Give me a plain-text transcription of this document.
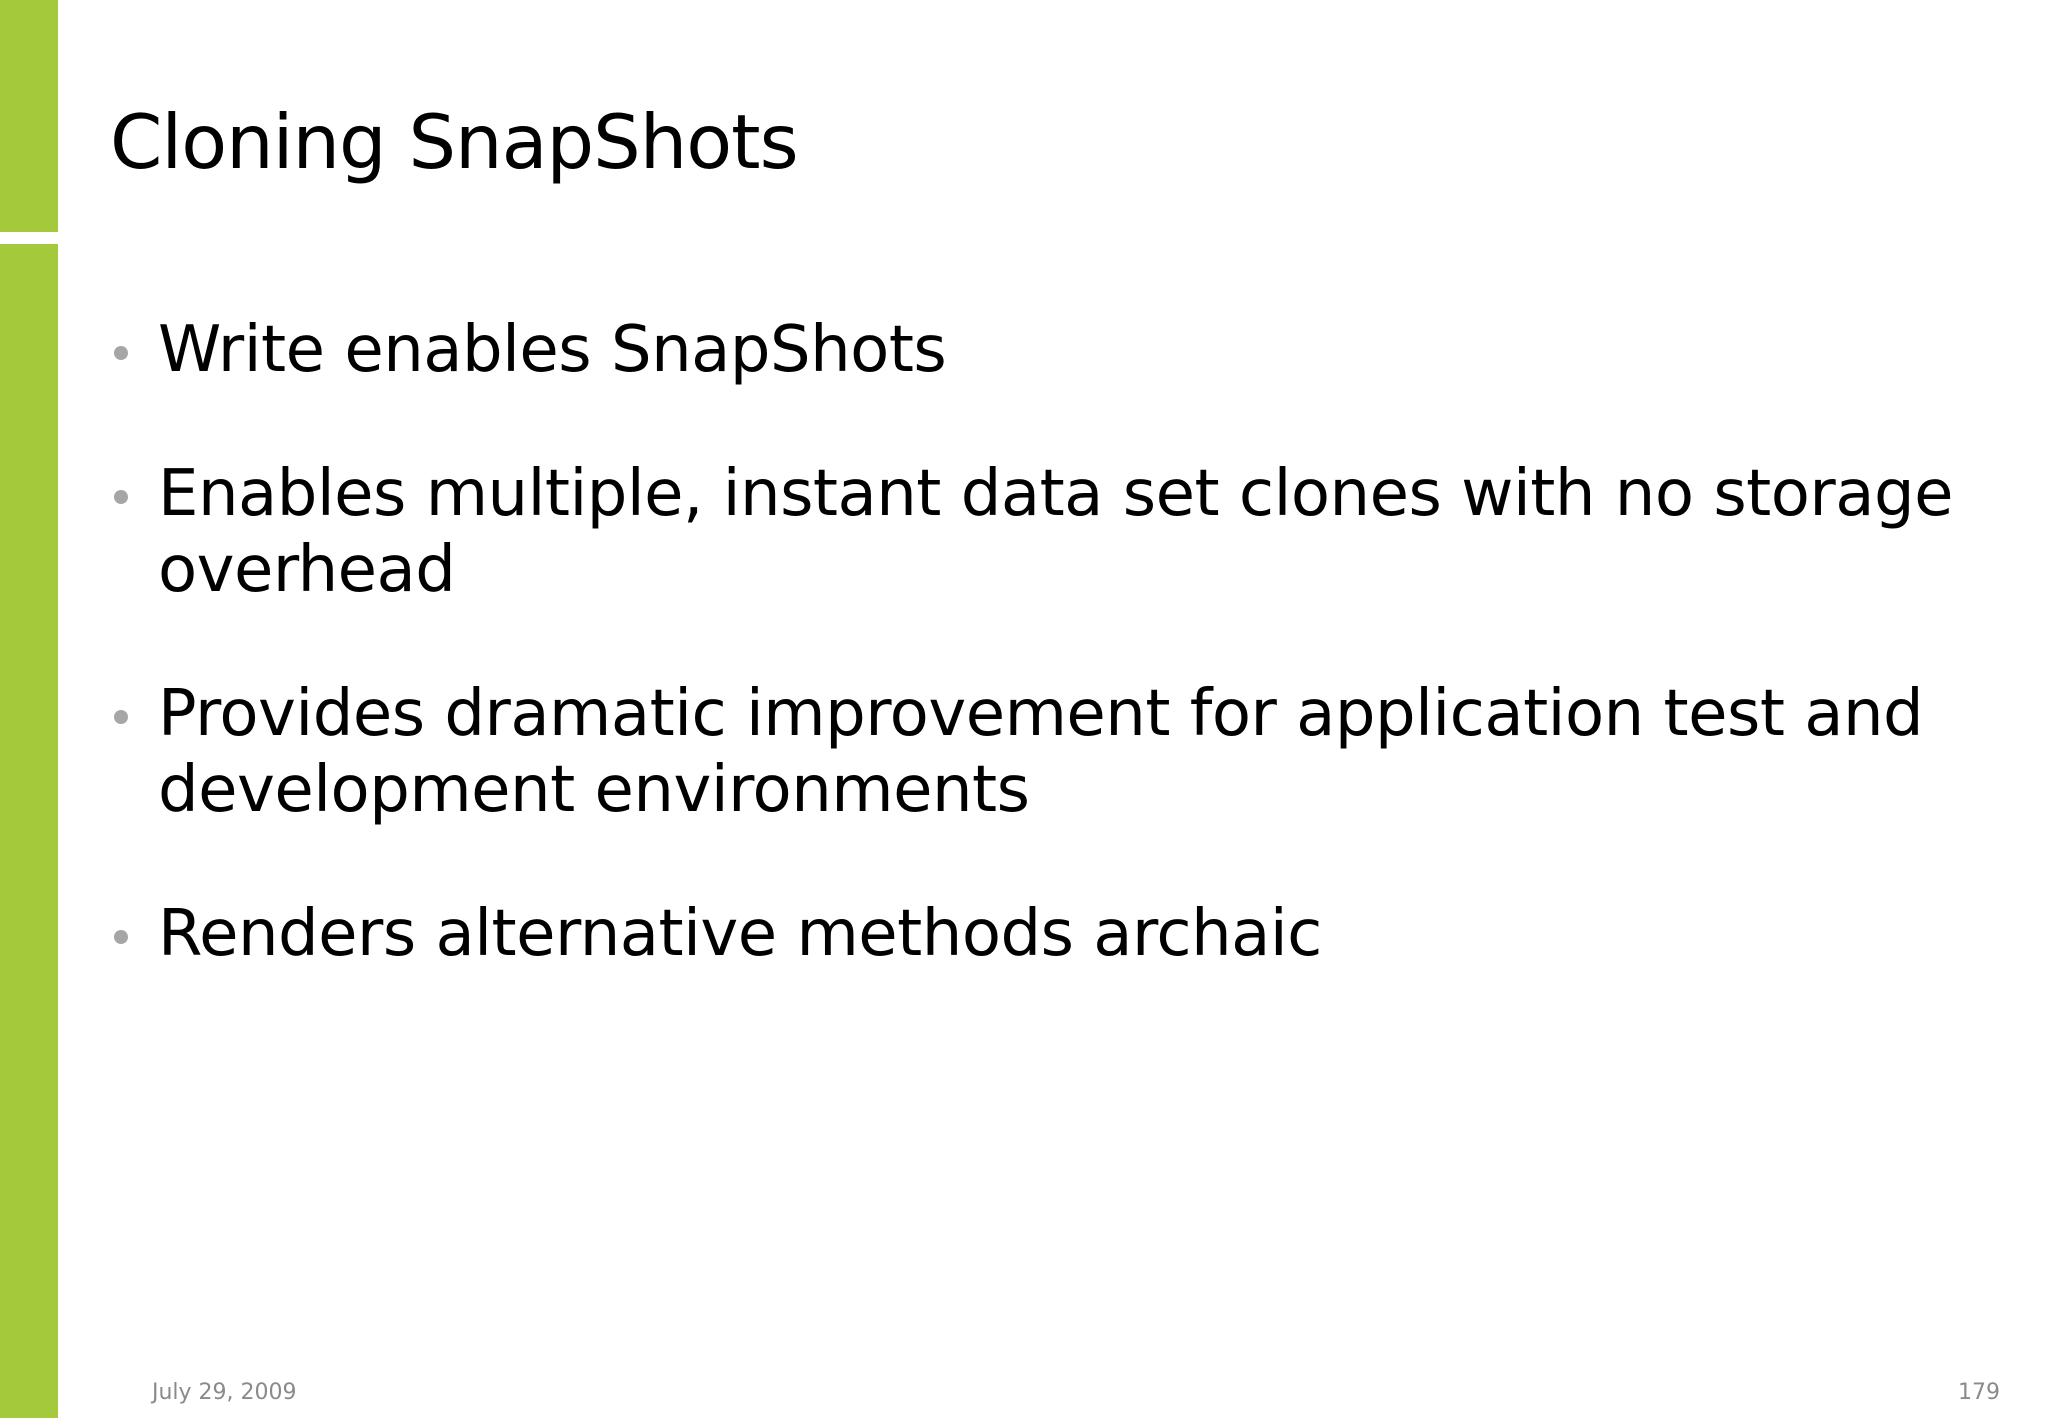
Cloning SnapShots
Write enables SnapShots
Enables multiple, instant data set clones with no storage overhead
Provides dramatic improvement for application test and development environments
Renders alternative methods archaic
July 29, 2009	179
